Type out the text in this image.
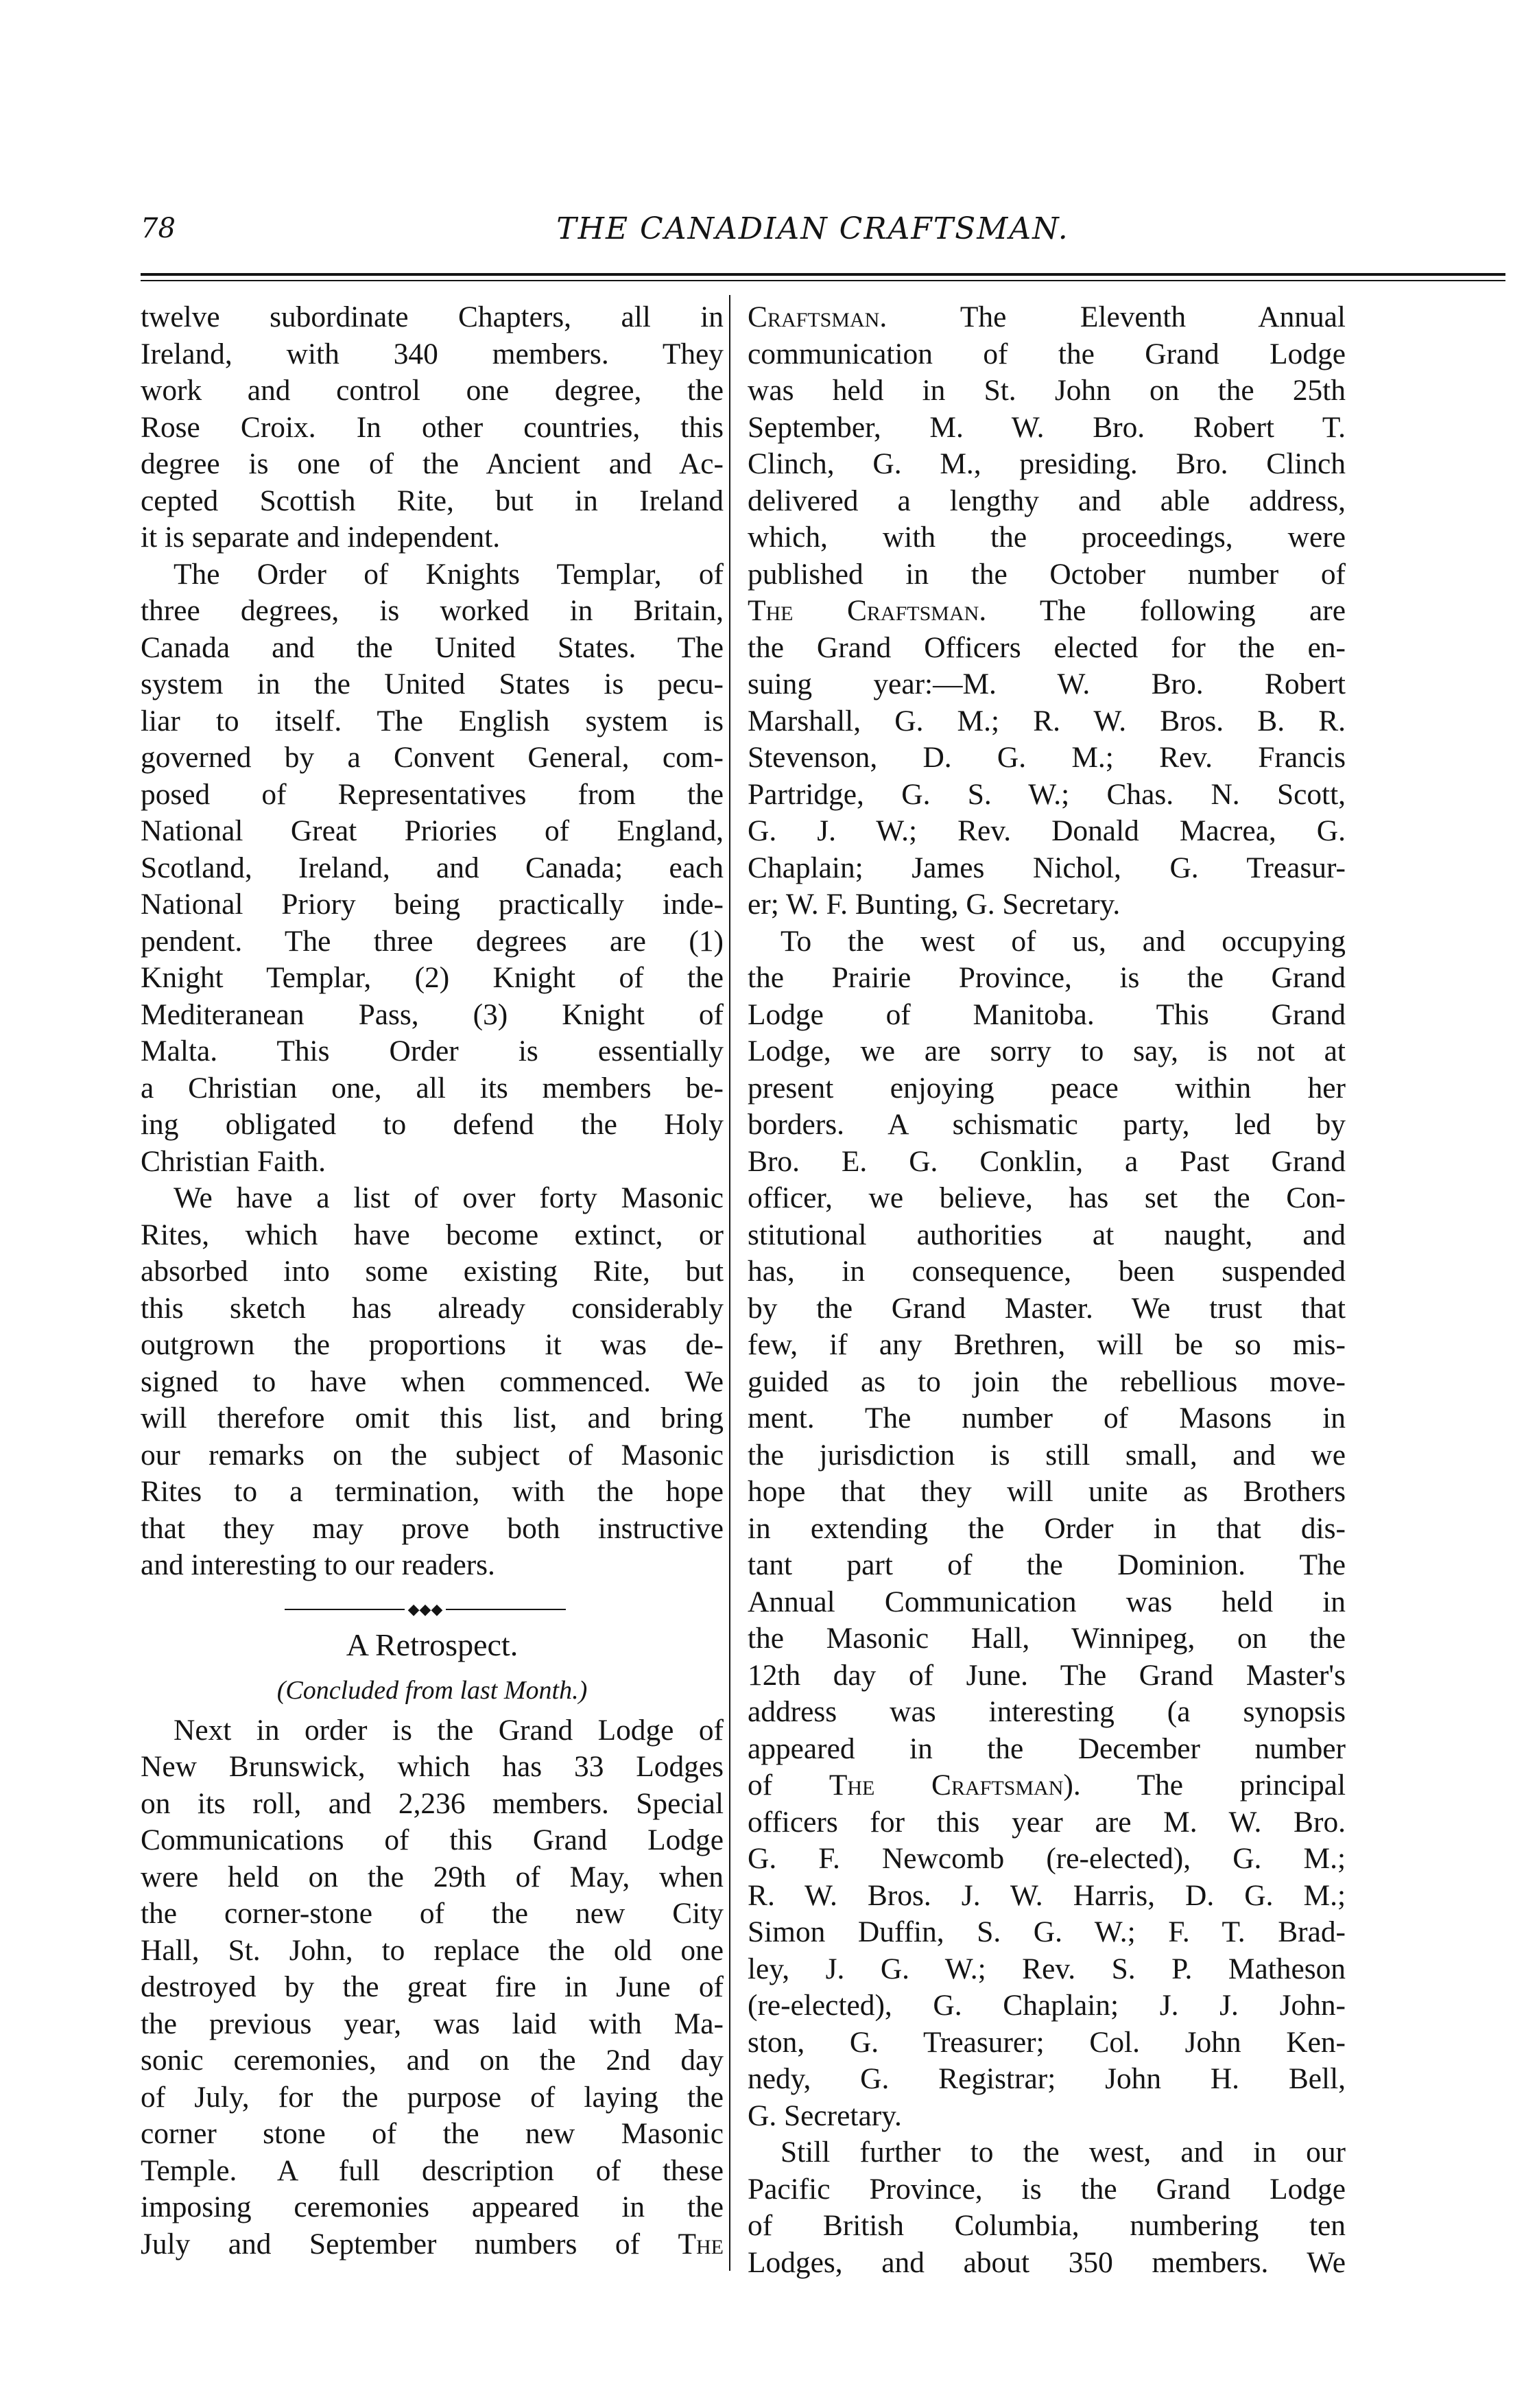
78	THE CANADIAN CRAFTSMAN.

twelve subordinate Chapters, all in
Ireland, with 340 members. They
work and control one degree, the
Rose Croix. In other countries, this
degree is one of the Ancient and Ac-
cepted Scottish Rite, but in Ireland
it is separate and independent.

The Order of Knights Templar, of
three degrees, is worked in Britain,
Canada and the United States. The
system in the United States is pecu-
liar to itself. The English system is
governed by a Convent General, com-
posed of Representatives from the
National Great Priories of England,
Scotland, Ireland, and Canada; each
National Priory being practically inde-
pendent. The three degrees are (1)
Knight Templar, (2) Knight of the
Mediteranean Pass, (3) Knight of
Malta. This Order is essentially
a Christian one, all its members be-
ing obligated to defend the Holy
Christian Faith.

We have a list of over forty Masonic
Rites, which have become extinct, or
absorbed into some existing Rite, but
this sketch has already considerably
outgrown the proportions it was de-
signed to have when commenced. We
will therefore omit this list, and bring
our remarks on the subject of Masonic
Rites to a termination, with the hope
that they may prove both instructive
and interesting to our readers.

◆◆◆
A Retrospect.
(Concluded from last Month.)

Next in order is the Grand Lodge of
New Brunswick, which has 33 Lodges
on its roll, and 2,236 members. Special
Communications of this Grand Lodge
were held on the 29th of May, when
the corner-stone of the new City
Hall, St. John, to replace the old one
destroyed by the great fire in June of
the previous year, was laid with Ma-
sonic ceremonies, and on the 2nd day
of July, for the purpose of laying the
corner stone of the new Masonic
Temple. A full description of these
imposing ceremonies appeared in the
July and September numbers of The

Craftsman. The Eleventh Annual
communication of the Grand Lodge
was held in St. John on the 25th
September, M. W. Bro. Robert T.
Clinch, G. M., presiding. Bro. Clinch
delivered a lengthy and able address,
which, with the proceedings, were
published in the October number of
The Craftsman. The following are
the Grand Officers elected for the en-
suing year:—M. W. Bro. Robert
Marshall, G. M.; R. W. Bros. B. R.
Stevenson, D. G. M.; Rev. Francis
Partridge, G. S. W.; Chas. N. Scott,
G. J. W.; Rev. Donald Macrea, G.
Chaplain; James Nichol, G. Treasur-
er; W. F. Bunting, G. Secretary.

To the west of us, and occupying
the Prairie Province, is the Grand
Lodge of Manitoba. This Grand
Lodge, we are sorry to say, is not at
present enjoying peace within her
borders. A schismatic party, led by
Bro. E. G. Conklin, a Past Grand
officer, we believe, has set the Con-
stitutional authorities at naught, and
has, in consequence, been suspended
by the Grand Master. We trust that
few, if any Brethren, will be so mis-
guided as to join the rebellious move-
ment. The number of Masons in
the jurisdiction is still small, and we
hope that they will unite as Brothers
in extending the Order in that dis-
tant part of the Dominion. The
Annual Communication was held in
the Masonic Hall, Winnipeg, on the
12th day of June. The Grand Master's
address was interesting (a synopsis
appeared in the December number
of The Craftsman). The principal
officers for this year are M. W. Bro.
G. F. Newcomb (re-elected), G. M.;
R. W. Bros. J. W. Harris, D. G. M.;
Simon Duffin, S. G. W.; F. T. Brad-
ley, J. G. W.; Rev. S. P. Matheson
(re-elected), G. Chaplain; J. J. John-
ston, G. Treasurer; Col. John Ken-
nedy, G. Registrar; John H. Bell,
G. Secretary.

Still further to the west, and in our
Pacific Province, is the Grand Lodge
of British Columbia, numbering ten
Lodges, and about 350 members. We
